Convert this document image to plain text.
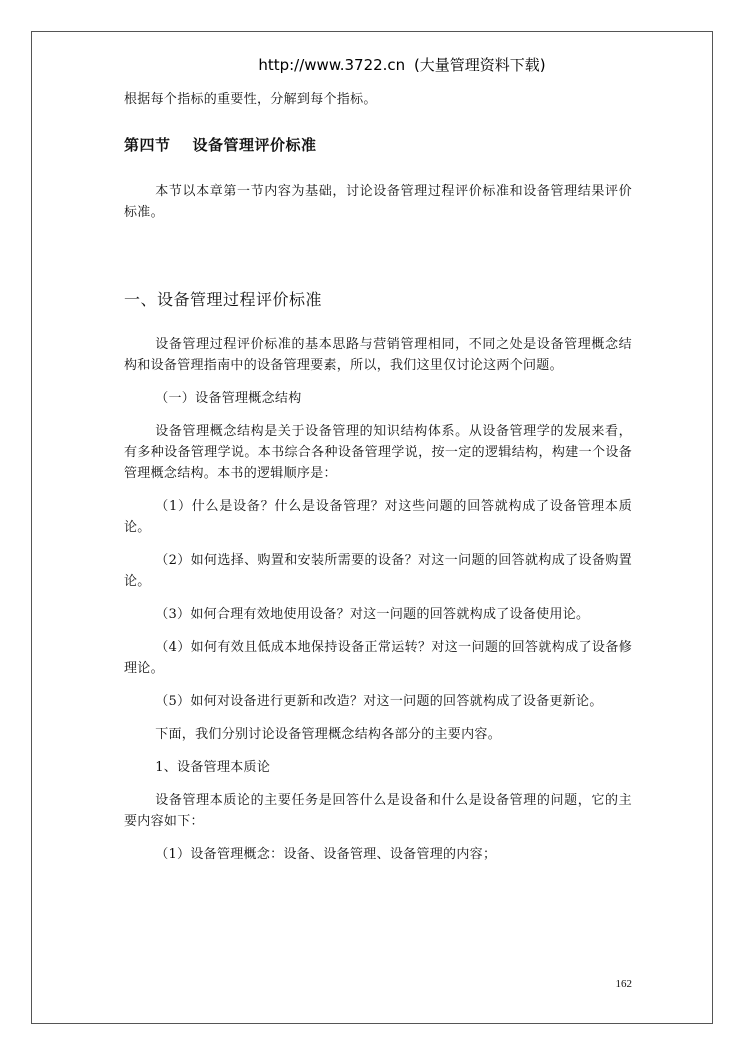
http://www.3722.cn (大量管理资料下载)

根据每个指标的重要性，分解到每个指标。

第四节 设备管理评价标准

本节以本章第一节内容为基础，讨论设备管理过程评价标准和设备管理结果评价标准。

一、设备管理过程评价标准

设备管理过程评价标准的基本思路与营销管理相同，不同之处是设备管理概念结构和设备管理指南中的设备管理要素，所以，我们这里仅讨论这两个问题。

（一）设备管理概念结构

设备管理概念结构是关于设备管理的知识结构体系。从设备管理学的发展来看，有多种设备管理学说。本书综合各种设备管理学说，按一定的逻辑结构，构建一个设备管理概念结构。本书的逻辑顺序是：

（1）什么是设备？什么是设备管理？对这些问题的回答就构成了设备管理本质论。

（2）如何选择、购置和安装所需要的设备？对这一问题的回答就构成了设备购置论。

（3）如何合理有效地使用设备？对这一问题的回答就构成了设备使用论。

（4）如何有效且低成本地保持设备正常运转？对这一问题的回答就构成了设备修理论。

（5）如何对设备进行更新和改造？对这一问题的回答就构成了设备更新论。

下面，我们分别讨论设备管理概念结构各部分的主要内容。

1、设备管理本质论

设备管理本质论的主要任务是回答什么是设备和什么是设备管理的问题，它的主要内容如下：

（1）设备管理概念：设备、设备管理、设备管理的内容；

162
